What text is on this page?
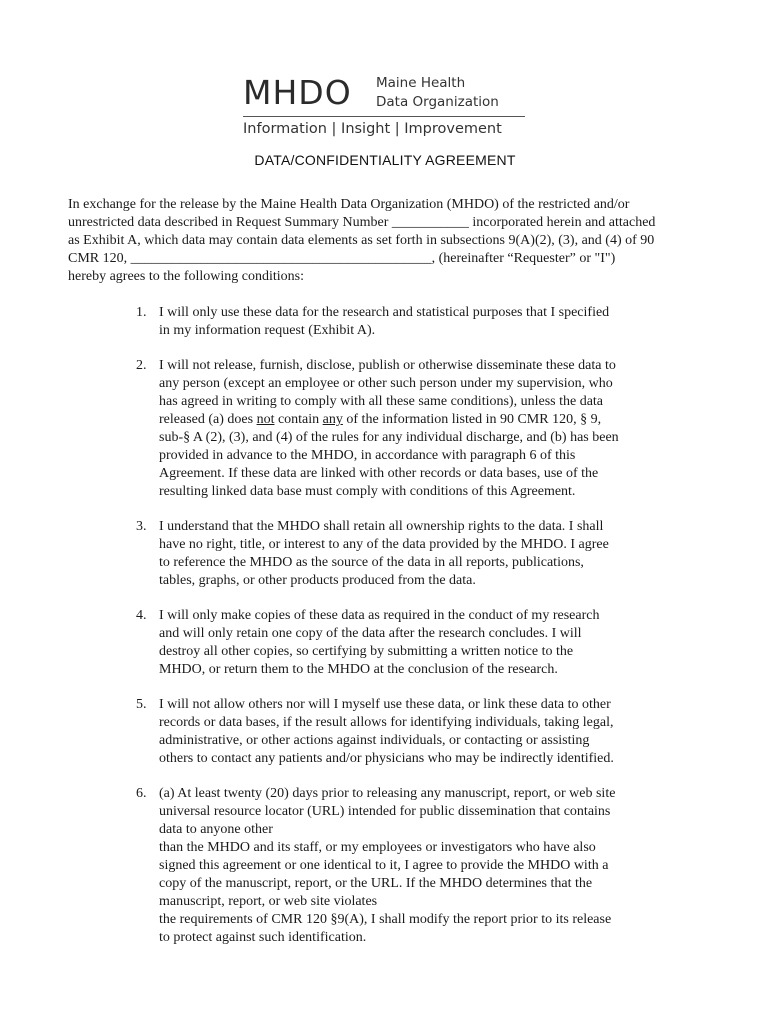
MHDO Maine Health
Data Organization
Information | Insight | Improvement
DATA/CONFIDENTIALITY AGREEMENT
In exchange for the release by the Maine Health Data Organization (MHDO) of the restricted and/or
unrestricted data described in Request Summary Number ___________ incorporated herein and attached
as Exhibit A, which data may contain data elements as set forth in subsections 9(A)(2), (3), and (4) of 90
CMR 120, ___________________________________________, (hereinafter “Requester” or "I")
hereby agrees to the following conditions:
1. I will only use these data for the research and statistical purposes that I specified
in my information request (Exhibit A).
2. I will not release, furnish, disclose, publish or otherwise disseminate these data to
any person (except an employee or other such person under my supervision, who
has agreed in writing to comply with all these same conditions), unless the data
released (a) does not contain any of the information listed in 90 CMR 120, § 9,
sub-§ A (2), (3), and (4) of the rules for any individual discharge, and (b) has been
provided in advance to the MHDO, in accordance with paragraph 6 of this
Agreement. If these data are linked with other records or data bases, use of the
resulting linked data base must comply with conditions of this Agreement.
3. I understand that the MHDO shall retain all ownership rights to the data. I shall
have no right, title, or interest to any of the data provided by the MHDO. I agree
to reference the MHDO as the source of the data in all reports, publications,
tables, graphs, or other products produced from the data.
4. I will only make copies of these data as required in the conduct of my research
and will only retain one copy of the data after the research concludes. I will
destroy all other copies, so certifying by submitting a written notice to the
MHDO, or return them to the MHDO at the conclusion of the research.
5. I will not allow others nor will I myself use these data, or link these data to other
records or data bases, if the result allows for identifying individuals, taking legal,
administrative, or other actions against individuals, or contacting or assisting
others to contact any patients and/or physicians who may be indirectly identified.
6. (a) At least twenty (20) days prior to releasing any manuscript, report, or web site
universal resource locator (URL) intended for public dissemination that contains
data to anyone other
than the MHDO and its staff, or my employees or investigators who have also
signed this agreement or one identical to it, I agree to provide the MHDO with a
copy of the manuscript, report, or the URL. If the MHDO determines that the
manuscript, report, or web site violates
the requirements of CMR 120 §9(A), I shall modify the report prior to its release
to protect against such identification.
